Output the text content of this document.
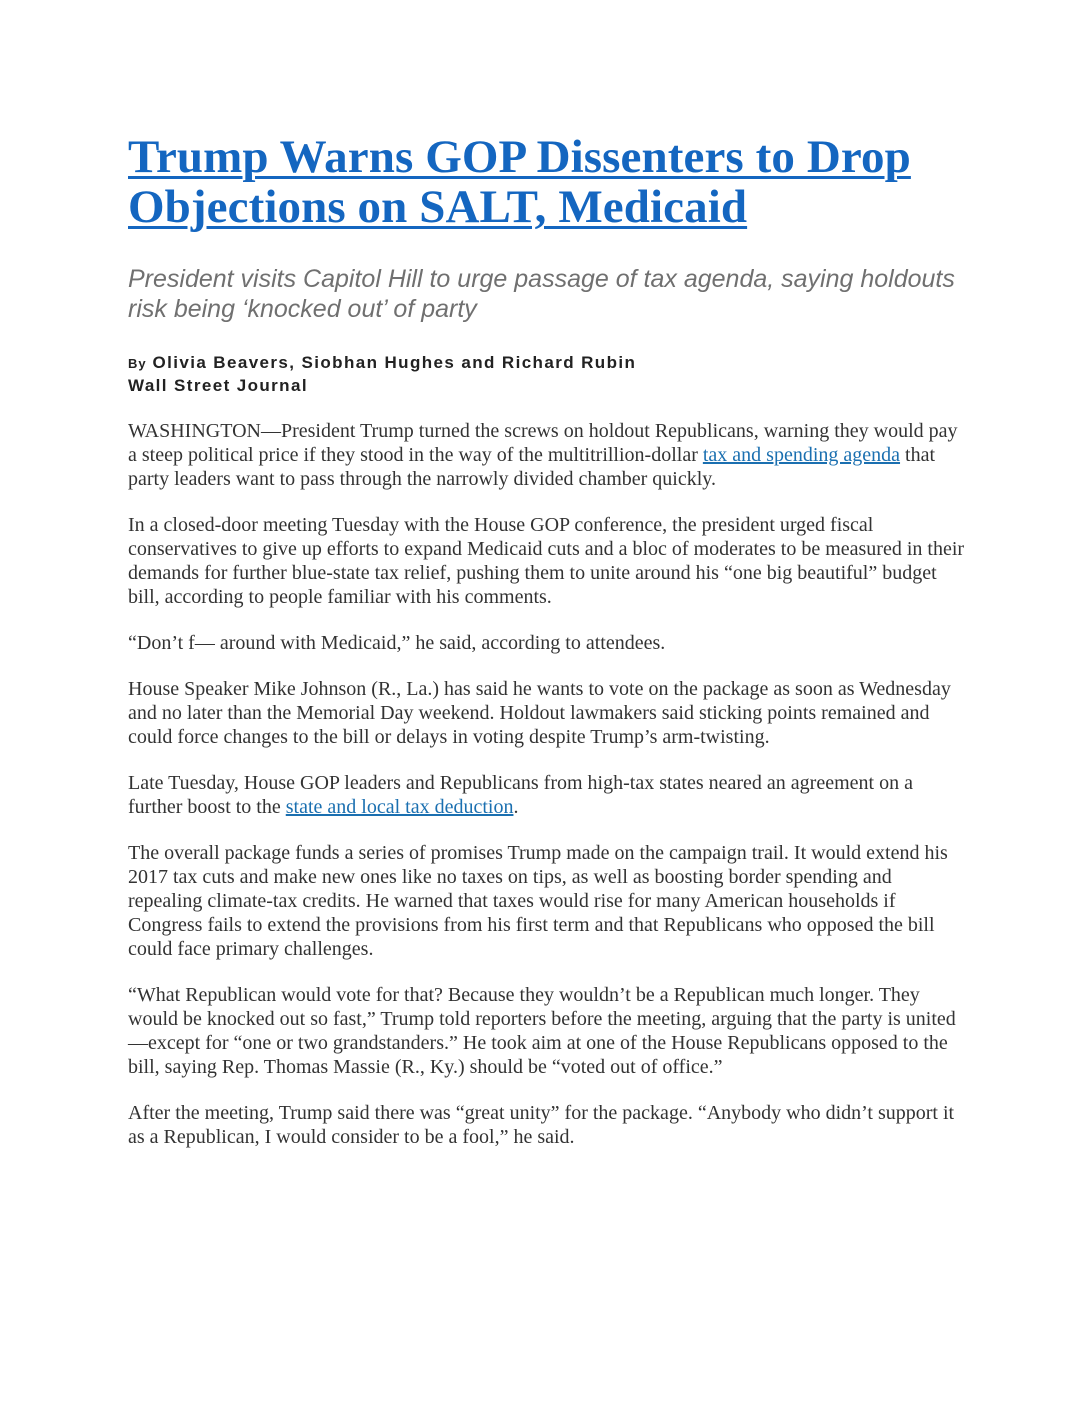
Trump Warns GOP Dissenters to Drop Objections on SALT, Medicaid

President visits Capitol Hill to urge passage of tax agenda, saying holdouts risk being ‘knocked out’ of party

By Olivia Beavers, Siobhan Hughes and Richard Rubin
Wall Street Journal

WASHINGTON—President Trump turned the screws on holdout Republicans, warning they would pay a steep political price if they stood in the way of the multitrillion-dollar tax and spending agenda that party leaders want to pass through the narrowly divided chamber quickly.

In a closed-door meeting Tuesday with the House GOP conference, the president urged fiscal conservatives to give up efforts to expand Medicaid cuts and a bloc of moderates to be measured in their demands for further blue-state tax relief, pushing them to unite around his “one big beautiful” budget bill, according to people familiar with his comments.

“Don’t f— around with Medicaid,” he said, according to attendees.

House Speaker Mike Johnson (R., La.) has said he wants to vote on the package as soon as Wednesday and no later than the Memorial Day weekend. Holdout lawmakers said sticking points remained and could force changes to the bill or delays in voting despite Trump’s arm-twisting.

Late Tuesday, House GOP leaders and Republicans from high-tax states neared an agreement on a further boost to the state and local tax deduction.

The overall package funds a series of promises Trump made on the campaign trail. It would extend his 2017 tax cuts and make new ones like no taxes on tips, as well as boosting border spending and repealing climate-tax credits. He warned that taxes would rise for many American households if Congress fails to extend the provisions from his first term and that Republicans who opposed the bill could face primary challenges.

“What Republican would vote for that? Because they wouldn’t be a Republican much longer. They would be knocked out so fast,” Trump told reporters before the meeting, arguing that the party is united—except for “one or two grandstanders.” He took aim at one of the House Republicans opposed to the bill, saying Rep. Thomas Massie (R., Ky.) should be “voted out of office.”

After the meeting, Trump said there was “great unity” for the package. “Anybody who didn’t support it as a Republican, I would consider to be a fool,” he said.
